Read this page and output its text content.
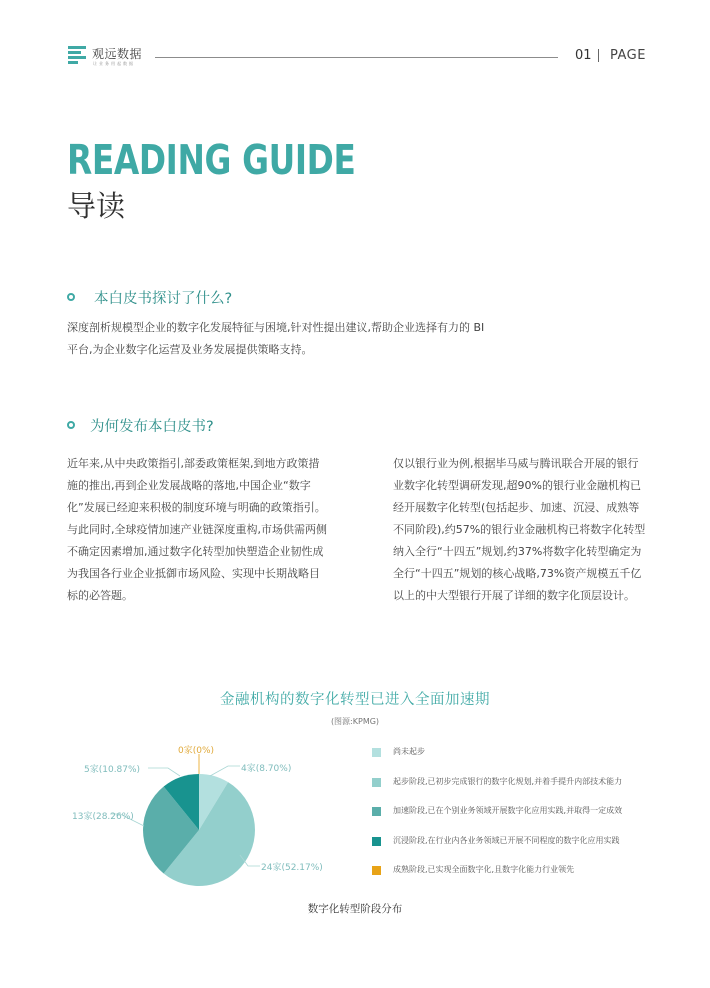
观远数据
让业务用起数据
01 PAGE
READING GUIDE
导读
本白皮书探讨了什么?
深度剖析规模型企业的数字化发展特征与困境,针对性提出建议,帮助企业选择有力的 BI 平台,为企业数字化运营及业务发展提供策略支持。
为何发布本白皮书?
近年来,从中央政策指引,部委政策框架,到地方政策措施的推出,再到企业发展战略的落地,中国企业“数字化”发展已经迎来积极的制度环境与明确的政策指引。与此同时,全球疫情加速产业链深度重构,市场供需两侧不确定因素增加,通过数字化转型加快塑造企业韧性成为我国各行业企业抵御市场风险、实现中长期战略目标的必答题。
仅以银行业为例,根据毕马威与腾讯联合开展的银行业数字化转型调研发现,超90%的银行业金融机构已经开展数字化转型(包括起步、加速、沉浸、成熟等不同阶段),约57%的银行业金融机构已将数字化转型纳入全行“十四五”规划,约37%将数字化转型确定为全行“十四五”规划的核心战略,73%资产规模五千亿以上的中大型银行开展了详细的数字化顶层设计。
金融机构的数字化转型已进入全面加速期
(图源:KPMG)
4家(8.70%)
24家(52.17%)
13家(28.26%)
5家(10.87%)
0家(0%)	尚未起步
起步阶段,已初步完成银行的数字化规划,并着手提升内部技术能力
加速阶段,已在个别业务领域开展数字化应用实践,并取得一定成效
沉浸阶段,在行业内各业务领域已开展不同程度的数字化应用实践
成熟阶段,已实现全面数字化,且数字化能力行业领先
数字化转型阶段分布
